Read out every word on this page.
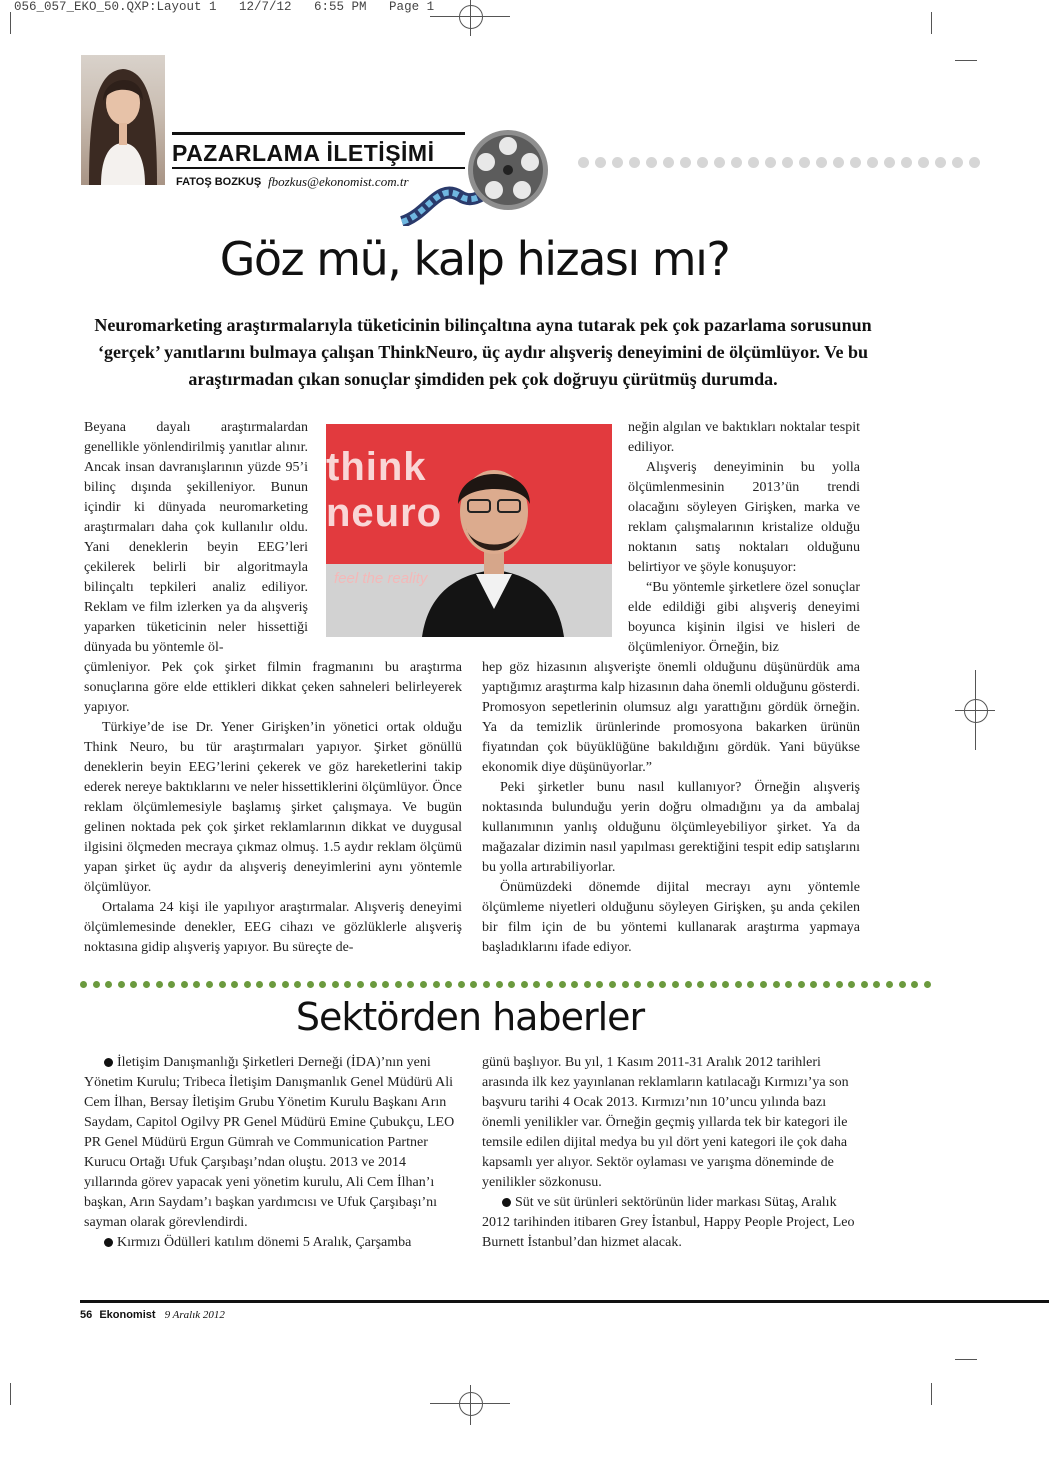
056_057_EKO_50.QXP:Layout 1   12/7/12   6:55 PM   Page 1
PAZARLAMA İLETİŞİMİ
FATOŞ BOZKUŞ fbozkus@ekonomist.com.tr
Göz mü, kalp hizası mı?
Neuromarketing araştırmalarıyla tüketicinin bilinçaltına ayna tutarak pek çok pazarlama sorusunun ‘gerçek’ yanıtlarını bulmaya çalışan ThinkNeuro, üç aydır alışveriş deneyimini de ölçümlüyor. Ve bu araştırmadan çıkan sonuçlar şimdiden pek çok doğruyu çürütmüş durumda.
think neuro
feel the reality

Beyana dayalı araştırmalardan genellikle yönlendirilmiş yanıtlar alınır. Ancak insan davranışlarının yüzde 95’i bilinç dışında şekilleniyor. Bunun içindir ki dünyada neuromarketing araştırmaları daha çok kullanılır oldu. Yani deneklerin beyin EEG’leri çekilerek belirli bir algoritmayla bilinçaltı tepkileri analiz ediliyor. Reklam ve film izlerken ya da alışveriş yaparken tüketicinin neler hissettiği dünyada bu yöntemle öl-

çümleniyor. Pek çok şirket filmin fragmanını bu araştırma sonuçlarına göre elde ettikleri dikkat çeken sahneleri belirleyerek yapıyor.

Türkiye’de ise Dr. Yener Girişken’in yönetici ortak olduğu Think Neuro, bu tür araştırmaları yapıyor. Şirket gönüllü deneklerin beyin EEG’lerini çekerek ve göz hareketlerini takip ederek nereye baktıklarını ve neler hissettiklerini ölçümlüyor. Önce reklam ölçümlemesiyle başlamış şirket çalışmaya. Ve bugün gelinen noktada pek çok şirket reklamlarının dikkat ve duygusal ilgisini ölçmeden mecraya çıkmaz olmuş. 1.5 aydır reklam ölçümü yapan şirket üç aydır da alışveriş deneyimlerini aynı yöntemle ölçümlüyor.

Ortalama 24 kişi ile yapılıyor araştırmalar. Alışveriş deneyimi ölçümlemesinde denekler, EEG cihazı ve gözlüklerle alışveriş noktasına gidip alışveriş yapıyor. Bu süreçte de-

neğin algılan ve baktıkları noktalar tespit ediliyor.

Alışveriş deneyiminin bu yolla ölçümlenmesinin 2013’ün trendi olacağını söyleyen Girişken, marka ve reklam çalışmalarının kristalize olduğu noktanın satış noktaları olduğunu belirtiyor ve şöyle konuşuyor:

“Bu yöntemle şirketlere özel sonuçlar elde edildiği gibi alışveriş deneyimi boyunca kişinin ilgisi ve hisleri de ölçümleniyor. Örneğin, biz

hep göz hizasının alışverişte önemli olduğunu düşünürdük ama yaptığımız araştırma kalp hizasının daha önemli olduğunu gösterdi. Promosyon sepetlerinin olumsuz algı yarattığını gördük örneğin. Ya da temizlik ürünlerinde promosyona bakarken ürünün fiyatından çok büyüklüğüne bakıldığını gördük. Yani büyükse ekonomik diye düşünüyorlar.”

Peki şirketler bunu nasıl kullanıyor? Örneğin alışveriş noktasında bulunduğu yerin doğru olmadığını ya da ambalaj kullanımının yanlış olduğunu ölçümleyebiliyor şirket. Ya da mağazalar dizimin nasıl yapılması gerektiğini tespit edip satışlarını bu yolla artırabiliyorlar.

Önümüzdeki dönemde dijital mecrayı aynı yöntemle ölçümleme niyetleri olduğunu söyleyen Girişken, şu anda çekilen bir film için de bu yöntemi kullanarak araştırma yapmaya başladıklarını ifade ediyor.

Sektörden haberler

İletişim Danışmanlığı Şirketleri Derneği (İDA)’nın yeni Yönetim Kurulu; Tribeca İletişim Danışmanlık Genel Müdürü Ali Cem İlhan, Bersay İletişim Grubu Yönetim Kurulu Başkanı Arın Saydam, Capitol Ogilvy PR Genel Müdürü Emine Çubukçu, LEO PR Genel Müdürü Ergun Gümrah ve Communication Partner Kurucu Ortağı Ufuk Çarşıbaşı’ndan oluştu. 2013 ve 2014 yıllarında görev yapacak yeni yönetim kurulu, Ali Cem İlhan’ı başkan, Arın Saydam’ı başkan yardımcısı ve Ufuk Çarşıbaşı’nı sayman olarak görevlendirdi.

Kırmızı Ödülleri katılım dönemi 5 Aralık, Çarşamba

günü başlıyor. Bu yıl, 1 Kasım 2011-31 Aralık 2012 tarihleri arasında ilk kez yayınlanan reklamların katılacağı Kırmızı’ya son başvuru tarihi 4 Ocak 2013. Kırmızı’nın 10’uncu yılında bazı önemli yenilikler var. Örneğin geçmiş yıllarda tek bir kategori ile temsile edilen dijital medya bu yıl dört yeni kategori ile çok daha kapsamlı yer alıyor. Sektör oylaması ve yarışma döneminde de yenilikler sözkonusu.

Süt ve süt ürünleri sektörünün lider markası Sütaş, Aralık 2012 tarihinden itibaren Grey İstanbul, Happy People Project, Leo Burnett İstanbul’dan hizmet alacak.

56 Ekonomist 9 Aralık 2012
